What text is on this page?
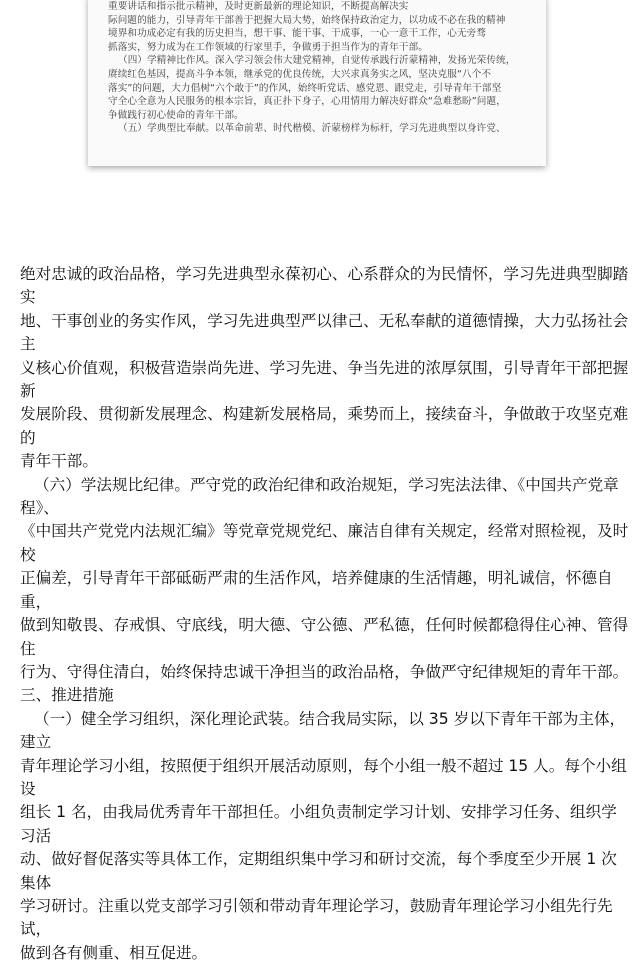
重要讲话和指示批示精神，及时更新最新的理论知识，不断提高解决实

际问题的能力，引导青年干部善于把握大局大势，始终保持政治定力，以功成不必在我的精神

境界和功成必定有我的历史担当，想干事、能干事、干成事，一心一意干工作，心无旁骛

抓落实，努力成为在工作领域的行家里手，争做勇于担当作为的青年干部。

（四）学精神比作风。深入学习领会伟大建党精神，自觉传承践行沂蒙精神，发扬光荣传统，

赓续红色基因，提高斗争本领，继承党的优良传统，大兴求真务实之风，坚决克服“八个不

落实”的问题，大力倡树“六个敢于”的作风，始终听党话、感党恩、跟党走，引导青年干部坚

守全心全意为人民服务的根本宗旨，真正扑下身子，心用情用力解决好群众“急难愁盼”问题，

争做践行初心使命的青年干部。

（五）学典型比奉献。以革命前辈、时代楷模、沂蒙榜样为标杆，学习先进典型以身许党、

绝对忠诚的政治品格，学习先进典型永葆初心、心系群众的为民情怀，学习先进典型脚踏实

地、干事创业的务实作风，学习先进典型严以律己、无私奉献的道德情操，大力弘扬社会主

义核心价值观，积极营造崇尚先进、学习先进、争当先进的浓厚氛围，引导青年干部把握新

发展阶段、贯彻新发展理念、构建新发展格局，乘势而上，接续奋斗，争做敢于攻坚克难的

青年干部。

（六）学法规比纪律。严守党的政治纪律和政治规矩，学习宪法法律、《中国共产党章程》、

《中国共产党党内法规汇编》等党章党规党纪、廉洁自律有关规定，经常对照检视，及时校

正偏差，引导青年干部砥砺严肃的生活作风，培养健康的生活情趣，明礼诚信，怀德自重，

做到知敬畏、存戒惧、守底线，明大德、守公德、严私德，任何时候都稳得住心神、管得住

行为、守得住清白，始终保持忠诚干净担当的政治品格，争做严守纪律规矩的青年干部。

三、推进措施

（一）健全学习组织，深化理论武装。结合我局实际，以 35 岁以下青年干部为主体，建立

青年理论学习小组，按照便于组织开展活动原则，每个小组一般不超过 15 人。每个小组设

组长 1 名，由我局优秀青年干部担任。小组负责制定学习计划、安排学习任务、组织学习活

动、做好督促落实等具体工作，定期组织集中学习和研讨交流，每个季度至少开展 1 次集体

学习研讨。注重以党支部学习引领和带动青年理论学习，鼓励青年理论学习小组先行先试，

做到各有侧重、相互促进。
